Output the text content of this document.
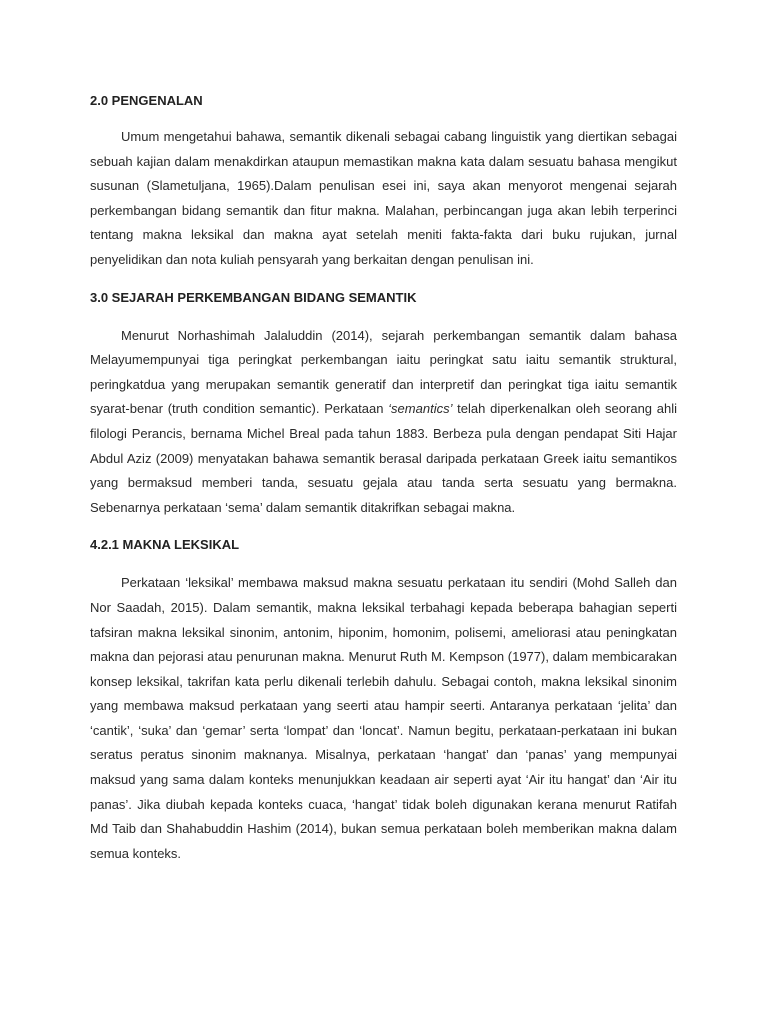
2.0 PENGENALAN

Umum mengetahui bahawa, semantik dikenali sebagai cabang linguistik yang diertikan sebagai sebuah kajian dalam menakdirkan ataupun memastikan makna kata dalam sesuatu bahasa mengikut susunan (Slametuljana, 1965).Dalam penulisan esei ini, saya akan menyorot mengenai sejarah perkembangan bidang semantik dan fitur makna. Malahan, perbincangan juga akan lebih terperinci tentang makna leksikal dan makna ayat setelah meniti fakta-fakta dari buku rujukan, jurnal penyelidikan dan nota kuliah pensyarah yang berkaitan dengan penulisan ini.

3.0 SEJARAH PERKEMBANGAN BIDANG SEMANTIK

Menurut Norhashimah Jalaluddin (2014), sejarah perkembangan semantik dalam bahasa Melayumempunyai tiga peringkat perkembangan iaitu peringkat satu iaitu semantik struktural, peringkatdua yang merupakan semantik generatif dan interpretif dan peringkat tiga iaitu semantik syarat-benar (truth condition semantic). Perkataan ‘semantics’ telah diperkenalkan oleh seorang ahli filologi Perancis, bernama Michel Breal pada tahun 1883. Berbeza pula dengan pendapat Siti Hajar Abdul Aziz (2009) menyatakan bahawa semantik berasal daripada perkataan Greek iaitu semantikos yang bermaksud memberi tanda, sesuatu gejala atau tanda serta sesuatu yang bermakna. Sebenarnya perkataan ‘sema’ dalam semantik ditakrifkan sebagai makna.

4.2.1 MAKNA LEKSIKAL

Perkataan ‘leksikal’ membawa maksud makna sesuatu perkataan itu sendiri (Mohd Salleh dan Nor Saadah, 2015). Dalam semantik, makna leksikal terbahagi kepada beberapa bahagian seperti tafsiran makna leksikal sinonim, antonim, hiponim, homonim, polisemi, ameliorasi atau peningkatan makna dan pejorasi atau penurunan makna. Menurut Ruth M. Kempson (1977), dalam membicarakan konsep leksikal, takrifan kata perlu dikenali terlebih dahulu. Sebagai contoh, makna leksikal sinonim yang membawa maksud perkataan yang seerti atau hampir seerti. Antaranya perkataan ‘jelita’ dan ‘cantik’, ‘suka’ dan ‘gemar’ serta ‘lompat’ dan ‘loncat’. Namun begitu, perkataan-perkataan ini bukan seratus peratus sinonim maknanya. Misalnya, perkataan ‘hangat’ dan ‘panas’ yang mempunyai maksud yang sama dalam konteks menunjukkan keadaan air seperti ayat ‘Air itu hangat’ dan ‘Air itu panas’. Jika diubah kepada konteks cuaca, ‘hangat’ tidak boleh digunakan kerana menurut Ratifah Md Taib dan Shahabuddin Hashim (2014), bukan semua perkataan boleh memberikan makna dalam semua konteks.
